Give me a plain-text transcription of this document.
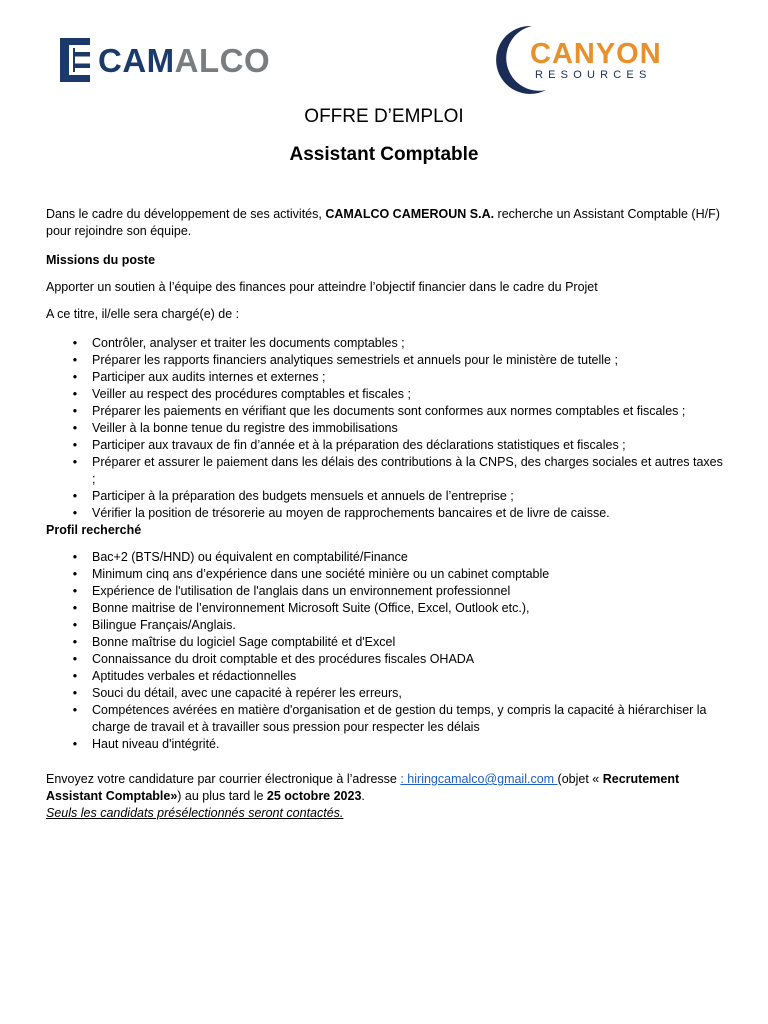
CAMALCO	CANYON
RESOURCES
OFFRE D’EMPLOI
Assistant Comptable

Dans le cadre du développement de ses activités, CAMALCO CAMEROUN S.A. recherche un Assistant Comptable (H/F) pour rejoindre son équipe.

Missions du poste

Apporter un soutien à l’équipe des finances pour atteindre l’objectif financier dans le cadre du Projet

A ce titre, il/elle sera chargé(e) de :

• Contrôler, analyser et traiter les documents comptables ;
• Préparer les rapports financiers analytiques semestriels et annuels pour le ministère de tutelle ;
• Participer aux audits internes et externes ;
• Veiller au respect des procédures comptables et fiscales ;
• Préparer les paiements en vérifiant que les documents sont conformes aux normes comptables et fiscales ;
• Veiller à la bonne tenue du registre des immobilisations
• Participer aux travaux de fin d’année et à la préparation des déclarations statistiques et fiscales ;
• Préparer et assurer le paiement dans les délais des contributions à la CNPS, des charges sociales et autres taxes ;
• Participer à la préparation des budgets mensuels et annuels de l’entreprise ;
• Vérifier la position de trésorerie au moyen de rapprochements bancaires et de livre de caisse.

Profil recherché

• Bac+2 (BTS/HND) ou équivalent en comptabilité/Finance
• Minimum cinq ans d’expérience dans une société minière ou un cabinet comptable
• Expérience de l'utilisation de l'anglais dans un environnement professionnel
• Bonne maitrise de l’environnement Microsoft Suite (Office, Excel, Outlook etc.),
• Bilingue Français/Anglais.
• Bonne maîtrise du logiciel Sage comptabilité et d'Excel
• Connaissance du droit comptable et des procédures fiscales OHADA
• Aptitudes verbales et rédactionnelles
• Souci du détail, avec une capacité à repérer les erreurs,
• Compétences avérées en matière d'organisation et de gestion du temps, y compris la capacité à hiérarchiser la charge de travail et à travailler sous pression pour respecter les délais
• Haut niveau d'intégrité.

Envoyez votre candidature par courrier électronique à l’adresse : hiringcamalco@gmail.com (objet « Recrutement Assistant Comptable») au plus tard le 25 octobre 2023.

Seuls les candidats présélectionnés seront contactés.
